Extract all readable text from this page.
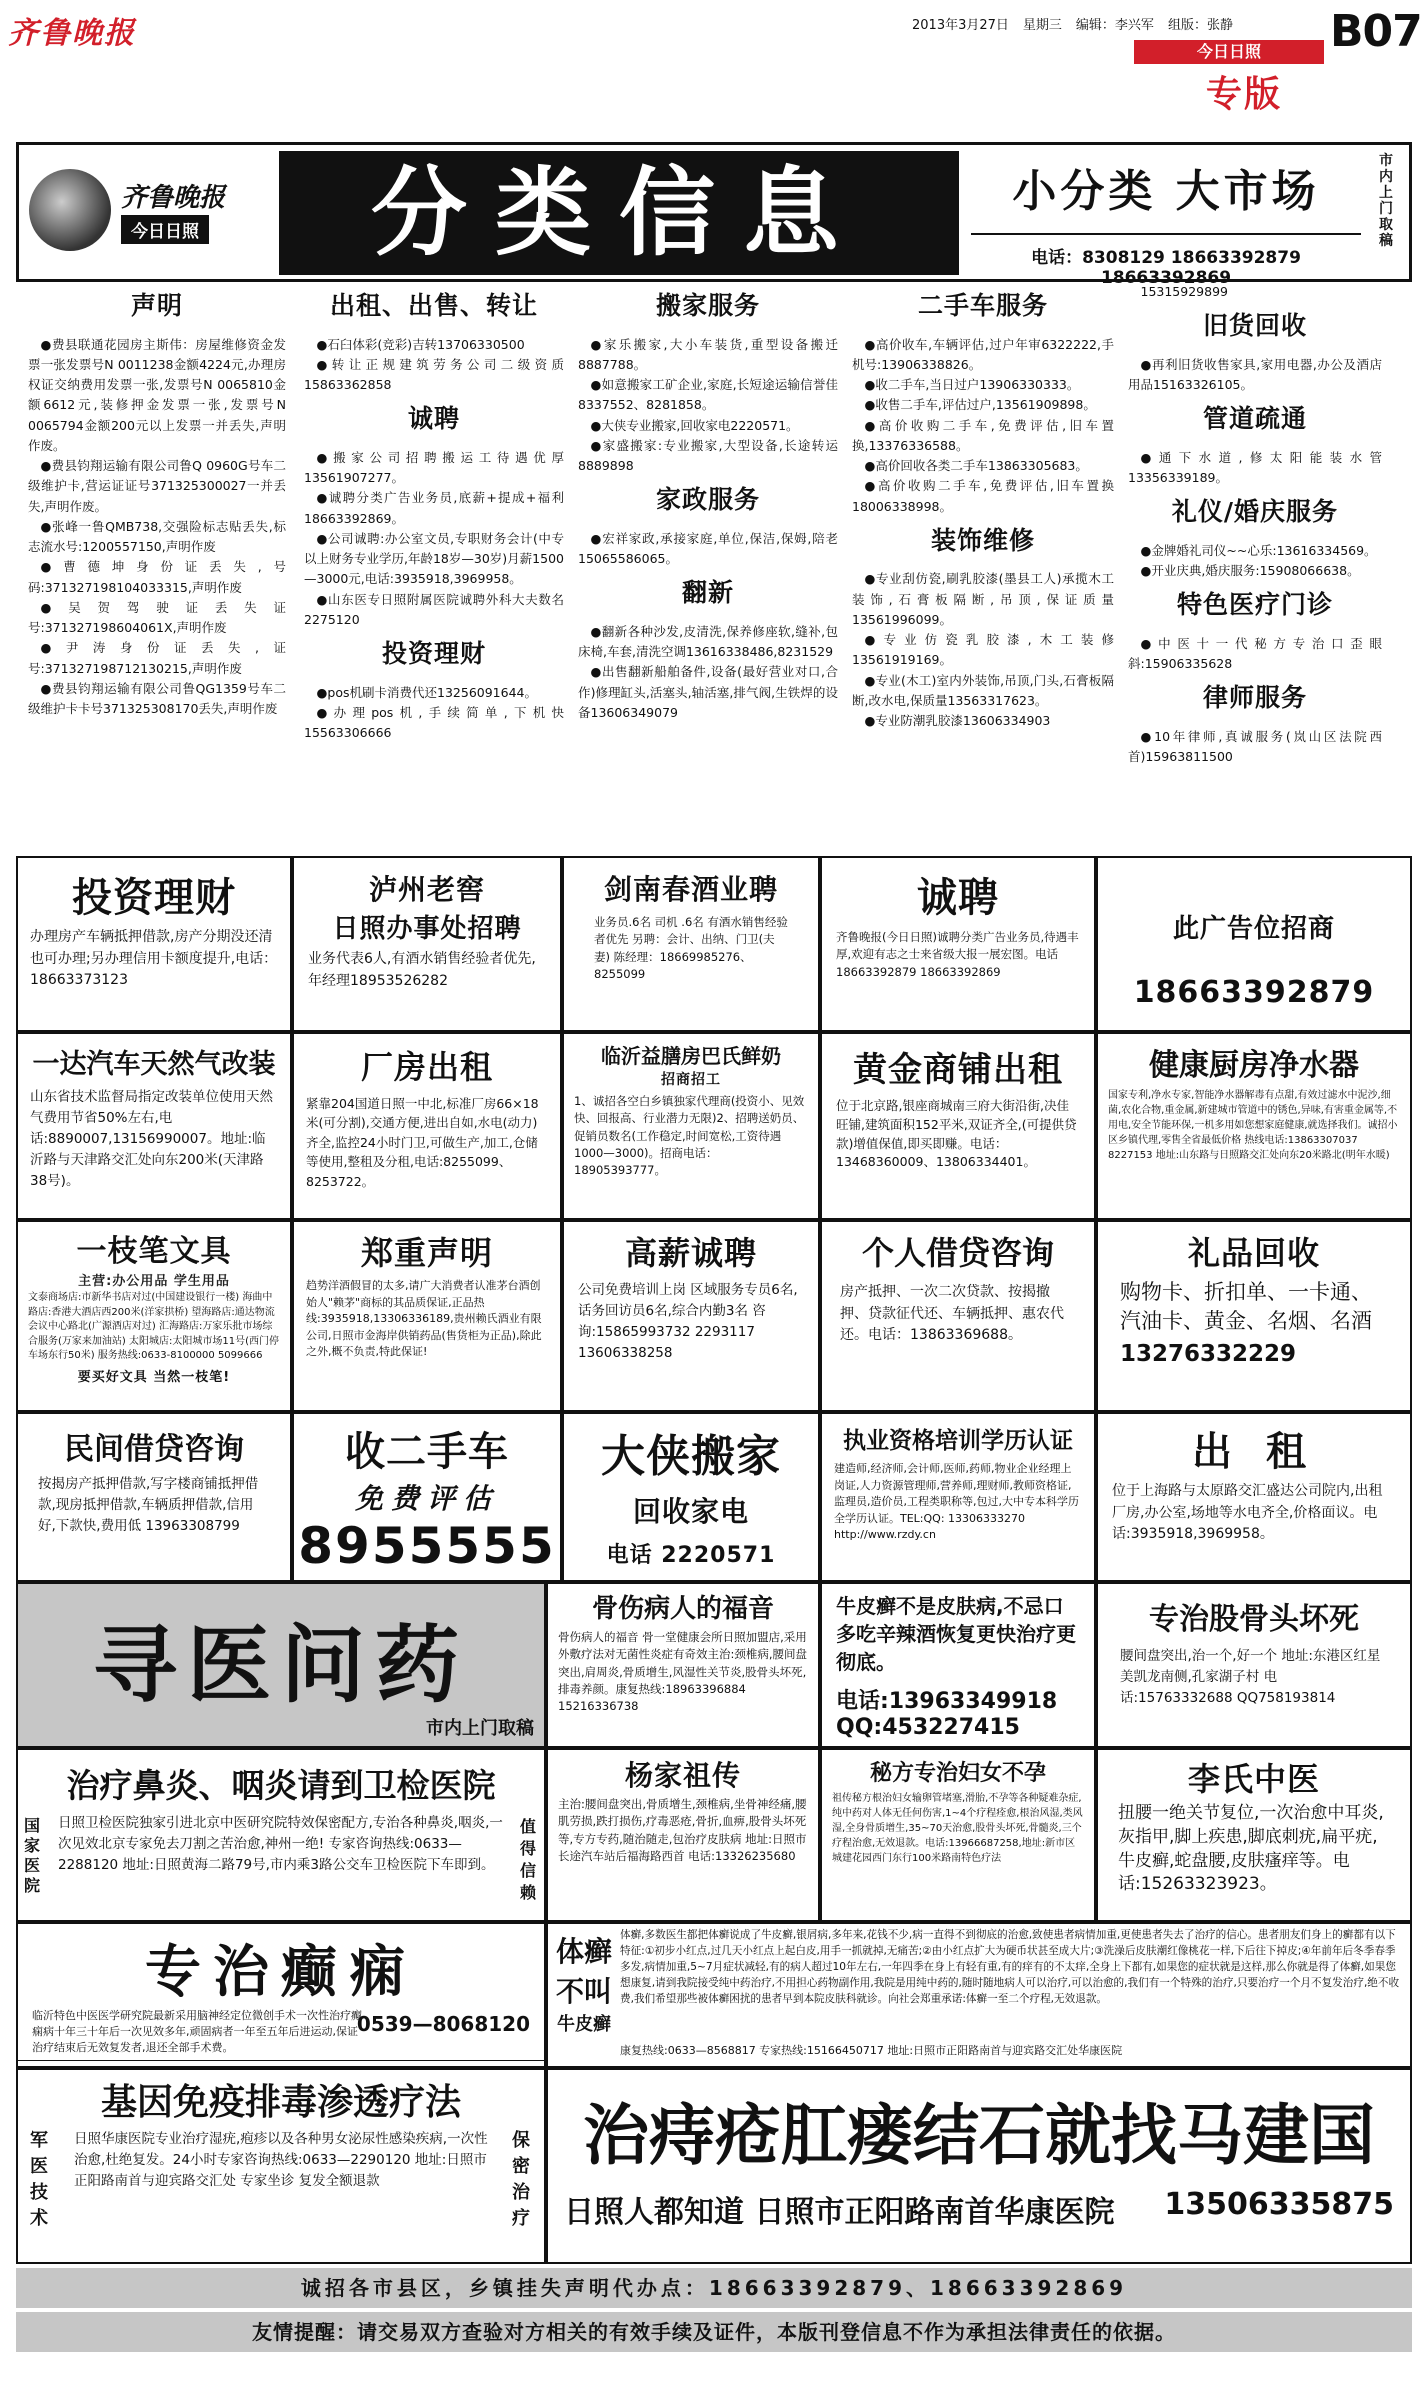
齐鲁晚报	2013年3月27日 星期三 编辑：李兴军 组版：张静 B07
今日日照
专版
齐鲁晚报
今日日照	分类信息	小分类 大市场
电话：8308129 18663392879 18663392869
市内上门取稿
声明

●费县联通花园房主斯伟：房屋维修资金发票一张发票号N 0011238金额4224元,办理房权证交纳费用发票一张,发票号N 0065810金额6612元,装修押金发票一张,发票号N 0065794金额200元以上发票一并丢失,声明作废。

●费县钧翔运输有限公司鲁Q 0960G号车二级维护卡,营运证证号371325300027一并丢失,声明作废。

●张峰一鲁QMB738,交强险标志贴丢失,标志流水号:1200557150,声明作废

●曹德坤身份证丢失,号码:371327198104033315,声明作废

●吴贺驾驶证丢失证号:371327198604061X,声明作废

●尹涛身份证丢失,证号:371327198712130215,声明作废

●费县钧翔运输有限公司鲁QG1359号车二级维护卡卡号371325308170丢失,声明作废

出租、出售、转让

●石臼体彩(竞彩)吉转13706330500

●转让正规建筑劳务公司二级资质15863362858

诚聘

●搬家公司招聘搬运工待遇优厚13561907277。

●诚聘分类广告业务员,底薪+提成+福利18663392869。

●公司诚聘:办公室文员,专职财务会计(中专以上财务专业学历,年龄18岁—30岁)月薪1500—3000元,电话:3935918,3969958。

●山东医专日照附属医院诚聘外科大夫数名2275120

投资理财

●pos机刷卡消费代还13256091644。

●办理pos机,手续简单,下机快15563306666

搬家服务

●家乐搬家,大小车装货,重型设备搬迁8887788。

●如意搬家工矿企业,家庭,长短途运输信誉佳8337552、8281858。

●大侠专业搬家,回收家电2220571。

●家盛搬家:专业搬家,大型设备,长途转运8889898

家政服务

●宏祥家政,承接家庭,单位,保洁,保姆,陪老15065586065。

翻新

●翻新各种沙发,皮清洗,保养修座软,缝补,包床椅,车套,清洗空调13616338486,8231529

●出售翻新船舶备件,设备(最好营业对口,合作)修理缸头,活塞头,轴活塞,排气阀,生铁焊的设备13606349079

二手车服务

●高价收车,车辆评估,过户年审6322222,手机号:13906338826。

●收二手车,当日过户13906330333。

●收售二手车,评估过户,13561909898。

●高价收购二手车,免费评估,旧车置换,13376336588。

●高价回收各类二手车13863305683。

●高价收购二手车,免费评估,旧车置换18006338998。

装饰维修

●专业刮仿瓷,刷乳胶漆(墨县工人)承揽木工装饰,石膏板隔断,吊顶,保证质量13561996099。

●专业仿瓷乳胶漆,木工装修13561919169。

●专业(木工)室内外装饰,吊顶,门头,石膏板隔断,改水电,保质量13563317623。

●专业防潮乳胶漆13606334903

15315929899

旧货回收

●再利旧货收售家具,家用电器,办公及酒店用品15163326105。

管道疏通

●通下水道,修太阳能装水管13356339189。

礼仪/婚庆服务

●金牌婚礼司仪~~心乐:13616334569。

●开业庆典,婚庆服务:15908066638。

特色医疗门诊

●中医十一代秘方专治口歪眼斜:15906335628

律师服务

●10年律师,真诚服务(岚山区法院西首)15963811500

投资理财
办理房产车辆抵押借款,房产分期没还清也可办理;另办理信用卡额度提升,电话：18663373123
泸州老窖
日照办事处招聘
业务代表6人,有酒水销售经验者优先,年经理18953526282
剑南春酒业聘
业务员.6名 司机 .6名 有酒水销售经验者优先 另聘：会计、出纳、门卫(夫妻) 陈经理：18669985276、8255099
诚聘
齐鲁晚报(今日日照)诚聘分类广告业务员,待遇丰厚,欢迎有志之士来省级大报一展宏图。电话18663392879 18663392869
此广告位招商
18663392879
一达汽车天然气改装
山东省技术监督局指定改装单位使用天然气费用节省50%左右,电话:8890007,13156990007。地址:临沂路与天津路交汇处向东200米(天津路38号)。
厂房出租
紧靠204国道日照一中北,标准厂房66×18米(可分割),交通方便,进出自如,水电(动力)齐全,监控24小时门卫,可做生产,加工,仓储等使用,整租及分租,电话:8255099、8253722。
临沂益膳房巴氏鲜奶
招商招工
1、诚招各空白乡镇独家代理商(投资小、见效快、回报高、行业潜力无限)2、招聘送奶员、促销员数名(工作稳定,时间宽松,工资待遇1000—3000)。招商电话：18905393777。
黄金商铺出租
位于北京路,银座商城南三府大街沿街,决佳旺铺,建筑面积152平米,双证齐全,(可提供贷款)增值保值,即买即赚。电话：13468360009、13806334401。
健康厨房净水器
国家专利,净水专家,智能净水器解毒有点甜,有效过滤水中泥沙,细菌,农化合物,重金属,新建城市管道中的锈色,异味,有害重金属等,不用电,安全节能环保,一机多用如您想家庭健康,就选择我们。诚招小区乡镇代理,零售全省最低价格 热线电话:13863307037 8227153 地址:山东路与日照路交汇处向东20米路北(明年水暖)
一枝笔文具
主营:办公用品 学生用品
文泰商场店:市新华书店对过(中国建设银行一楼) 海曲中路店:香港大酒店西200米(洋家拱桥) 望海路店:通达物流会议中心路北(广源酒店对过) 汇海路店:万家乐批市场综合服务(万家来加油站) 太阳城店:太阳城市场11号(西门停车场东行50米) 服务热线:0633-8100000 5099666
要买好文具 当然一枝笔!
郑重声明
趋势洋酒假冒的太多,请广大消费者认准茅台酒创始人"赖茅"商标的其品质保证,正品热线:3935918,13306336189,贵州赖氏酒业有限公司,日照市金海岸供销药品(售货柜为正品),除此之外,概不负责,特此保证!
高薪诚聘
公司免费培训上岗 区域服务专员6名,话务回访员6名,综合内勤3名 咨询:15865993732 2293117 13606338258
个人借贷咨询
房产抵押、一次二次贷款、按揭撤押、贷款征代还、车辆抵押、惠农代还。电话：13863369688。
礼品回收
购物卡、折扣单、一卡通、汽油卡、黄金、名烟、名酒
13276332229
民间借贷咨询
按揭房产抵押借款,写字楼商铺抵押借款,现房抵押借款,车辆质押借款,信用好,下款快,费用低 13963308799
收二手车
免费评估
8955555
大侠搬家
回收家电
电话 2220571
执业资格培训学历认证
建造师,经济师,会计师,医师,药师,物业企业经理上岗证,人力资源管理师,营养师,理财师,教师资格证,监理员,造价员,工程类职称等,包过,大中专本科学历全学历认证。TEL:QQ: 13306333270 http://www.rzdy.cn
出 租
位于上海路与太原路交汇盛达公司院内,出租厂房,办公室,场地等水电齐全,价格面议。电话:3935918,3969958。
寻医问药
市内上门取稿
骨伤病人的福音
骨伤病人的福音 骨一堂健康会所日照加盟店,采用外敷疗法对无菌性炎症有奇效主治:颈椎病,腰间盘突出,肩周炎,骨质增生,风湿性关节炎,股骨头坏死,排毒养颜。康复热线:18963396884 15216336738
牛皮癣不是皮肤病,不忌口多吃辛辣酒恢复更快治疗更彻底。
电话:13963349918
QQ:453227415
专治股骨头坏死
腰间盘突出,治一个,好一个 地址:东港区红星美凯龙南侧,孔家湖子村 电话:15763332688 QQ758193814
治疗鼻炎、咽炎请到卫检医院
国家医院
值得信赖
日照卫检医院独家引进北京中医研究院特效保密配方,专治各种鼻炎,咽炎,一次见效北京专家免去刀割之苦治愈,神州一绝! 专家咨询热线:0633—2288120 地址:日照黄海二路79号,市内乘3路公交车卫检医院下车即到。
杨家祖传
主治:腰间盘突出,骨质增生,颈椎病,坐骨神经痛,腰肌劳损,跌打损伤,疗毒恶疮,骨折,血痹,股骨头坏死等,专方专药,随治随走,包治疗皮肤病 地址:日照市长途汽车站后福海路西首 电话:13326235680
秘方专治妇女不孕
祖传秘方根治妇女输卵管堵塞,滑胎,不孕等各种疑难杂症,纯中药对人体无任何伤害,1~4个疗程痊愈,根治风湿,类风湿,全身骨质增生,35~70天治愈,股骨头坏死,骨髓炎,三个疗程治愈,无效退款。电话:13966687258,地址:新市区城建花园西门东行100米路南特色疗法
李氏中医
扭腰一绝关节复位,一次治愈中耳炎,灰指甲,脚上疾患,脚底刺疣,扁平疣,牛皮癣,蛇盘腰,皮肤瘙痒等。电话:15263323923。
专治癫痫
临沂特色中医医学研究院最新采用脑神经定位微创手术一次性治疗癫痫病十年三十年后一次见效多年,顽固病者一年至五年后进运动,保证治疗结束后无效复发者,退还全部手术费。
0539—8068120
体癣 不叫
牛皮癣
体癣,多数医生都把体癣说成了牛皮癣,银屑病,多年来,花钱不少,病一直得不到彻底的治愈,致使患者病情加重,更使患者失去了治疗的信心。患者朋友们身上的癣都有以下特征:①初步小红点,过几天小红点上起白皮,用手一抓就掉,无痛苦;②由小红点扩大为硬币状甚至成大片;③洗澡后皮肤潮红像桃花一样,下后往下掉皮;④年前年后冬季春季多发,病情加重,5~7月症状减轻,有的病人超过10年左右,一年四季在身上有轻有重,有的痒有的不太痒,全身上下都有,如果您的症状就是这样,那么你就是得了体癣,如果您想康复,请到我院接受纯中药治疗,不用担心药物副作用,我院是用纯中药的,随时随地病人可以治疗,可以治愈的,我们有一个特殊的治疗,只要治疗一个月不复发治疗,绝不收费,我们希望那些被体癣困扰的患者早到本院皮肤科就诊。向社会郑重承诺:体癣一至二个疗程,无效退款。
康复热线:0633—8568817 专家热线:15166450717 地址:日照市正阳路南首与迎宾路交汇处华康医院
基因免疫排毒渗透疗法
军医技术
保密治疗
日照华康医院专业治疗湿疣,疱疹以及各种男女泌尿性感染疾病,一次性治愈,杜绝复发。24小时专家咨询热线:0633—2290120 地址:日照市正阳路南首与迎宾路交汇处 专家坐诊 复发全额退款
治痔疮肛瘘结石就找马建国
日照人都知道 日照市正阳路南首华康医院 13506335875
诚招各市县区，乡镇挂失声明代办点：18663392879、18663392869
友情提醒：请交易双方查验对方相关的有效手续及证件，本版刊登信息不作为承担法律责任的依据。
